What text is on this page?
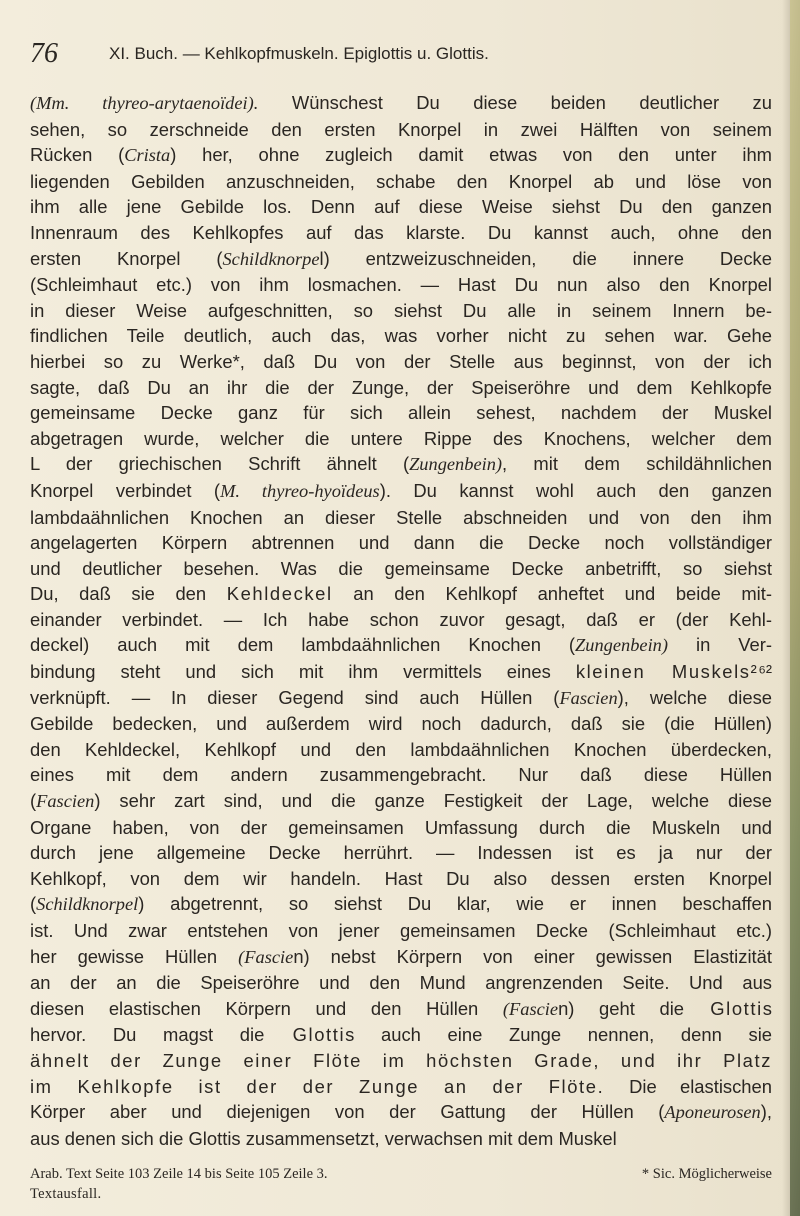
76	XI. Buch. — Kehlkopfmuskeln. Epiglottis u. Glottis.
(Mm. thyreo-arytaenoïdei). Wünschest Du diese beiden deutlicher zu
sehen, so zerschneide den ersten Knorpel in zwei Hälften von seinem
Rücken (Crista) her, ohne zugleich damit etwas von den unter ihm
liegenden Gebilden anzuschneiden, schabe den Knorpel ab und löse von
ihm alle jene Gebilde los. Denn auf diese Weise siehst Du den ganzen
Innenraum des Kehlkopfes auf das klarste. Du kannst auch, ohne den
ersten Knorpel (Schildknorpel) entzweizuschneiden, die innere Decke
(Schleimhaut etc.) von ihm losmachen. — Hast Du nun also den Knorpel
in dieser Weise aufgeschnitten, so siehst Du alle in seinem Innern be-
findlichen Teile deutlich, auch das, was vorher nicht zu sehen war. Gehe
hierbei so zu Werke*, daß Du von der Stelle aus beginnst, von der ich
sagte, daß Du an ihr die der Zunge, der Speiseröhre und dem Kehlkopfe
gemeinsame Decke ganz für sich allein sehest, nachdem der Muskel
abgetragen wurde, welcher die untere Rippe des Knochens, welcher dem
L der griechischen Schrift ähnelt (Zungenbein), mit dem schildähnlichen
Knorpel verbindet (M. thyreo-hyoïdeus). Du kannst wohl auch den ganzen
lambdaähnlichen Knochen an dieser Stelle abschneiden und von den ihm
angelagerten Körpern abtrennen und dann die Decke noch vollständiger
und deutlicher besehen. Was die gemeinsame Decke anbetrifft, so siehst
Du, daß sie den Kehldeckel an den Kehlkopf anheftet und beide mit-
einander verbindet. — Ich habe schon zuvor gesagt, daß er (der Kehl-
deckel) auch mit dem lambdaähnlichen Knochen (Zungenbein) in Ver-
bindung steht und sich mit ihm vermittels eines kleinen Muskels²⁶²
verknüpft. — In dieser Gegend sind auch Hüllen (Fascien), welche diese
Gebilde bedecken, und außerdem wird noch dadurch, daß sie (die Hüllen)
den Kehldeckel, Kehlkopf und den lambdaähnlichen Knochen überdecken,
eines mit dem andern zusammengebracht. Nur daß diese Hüllen
(Fascien) sehr zart sind, und die ganze Festigkeit der Lage, welche diese
Organe haben, von der gemeinsamen Umfassung durch die Muskeln und
durch jene allgemeine Decke herrührt. — Indessen ist es ja nur der
Kehlkopf, von dem wir handeln. Hast Du also dessen ersten Knorpel
(Schildknorpel) abgetrennt, so siehst Du klar, wie er innen beschaffen
ist. Und zwar entstehen von jener gemeinsamen Decke (Schleimhaut etc.)
her gewisse Hüllen (Fascien) nebst Körpern von einer gewissen Elastizität
an der an die Speiseröhre und den Mund angrenzenden Seite. Und aus
diesen elastischen Körpern und den Hüllen (Fascien) geht die Glottis
hervor. Du magst die Glottis auch eine Zunge nennen, denn sie
ähnelt der Zunge einer Flöte im höchsten Grade, und ihr Platz
im Kehlkopfe ist der der Zunge an der Flöte. Die elastischen
Körper aber und diejenigen von der Gattung der Hüllen (Aponeurosen),
aus denen sich die Glottis zusammensetzt, verwachsen mit dem Muskel
Arab. Text Seite 103 Zeile 14 bis Seite 105 Zeile 3.	* Sic. Möglicherweise
Textausfall.
